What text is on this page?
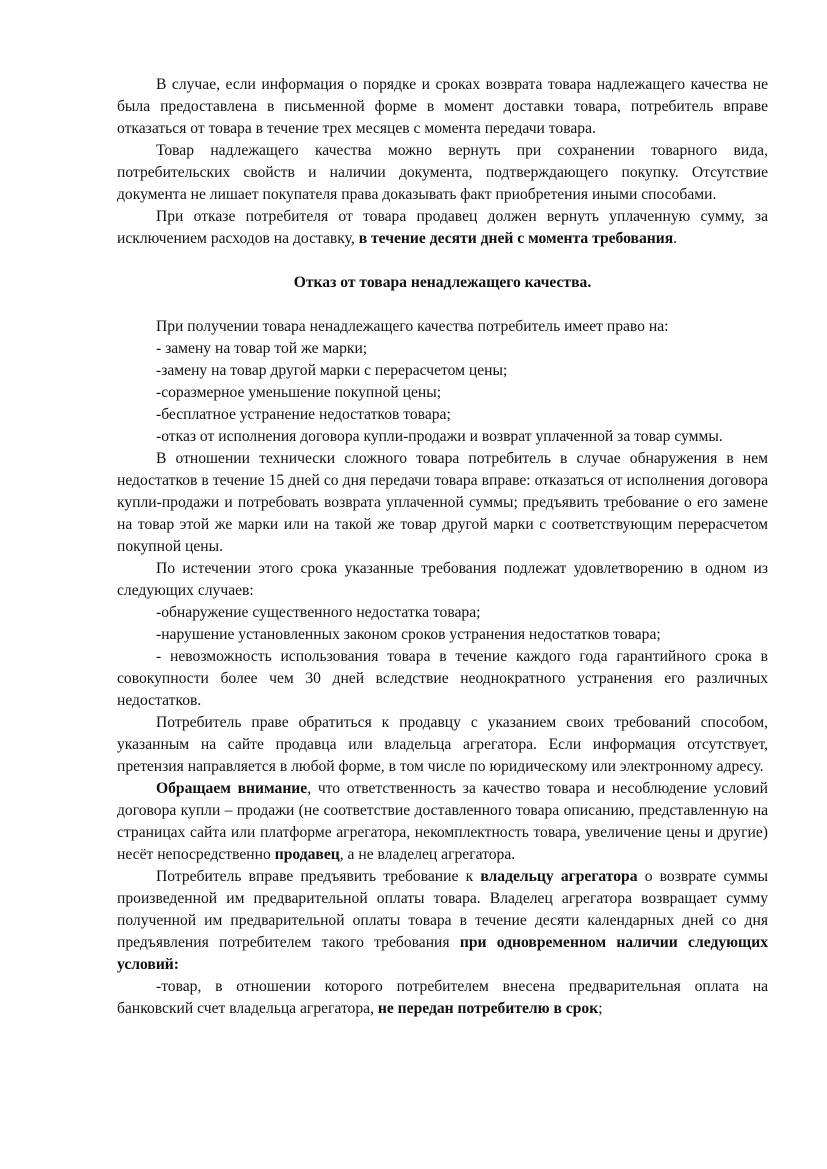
В случае, если информация о порядке и сроках возврата товара надлежащего качества не была предоставлена в письменной форме в момент доставки товара, потребитель вправе отказаться от товара в течение трех месяцев с момента передачи товара.

Товар надлежащего качества можно вернуть при сохранении товарного вида, потребительских свойств и наличии документа, подтверждающего покупку. Отсутствие документа не лишает покупателя права доказывать факт приобретения иными способами.

При отказе потребителя от товара продавец должен вернуть уплаченную сумму, за исключением расходов на доставку, в течение десяти дней с момента требования.

Отказ от товара ненадлежащего качества.

При получении товара ненадлежащего качества потребитель имеет право на:

- замену на товар той же марки;

-замену на товар другой марки с перерасчетом цены;

-соразмерное уменьшение покупной цены;

-бесплатное устранение недостатков товара;

-отказ от исполнения договора купли-продажи и возврат уплаченной за товар суммы.

В отношении технически сложного товара потребитель в случае обнаружения в нем недостатков в течение 15 дней со дня передачи товара вправе: отказаться от исполнения договора купли-продажи и потребовать возврата уплаченной суммы; предъявить требование о его замене на товар этой же марки или на такой же товар другой марки с соответствующим перерасчетом покупной цены.

По истечении этого срока указанные требования подлежат удовлетворению в одном из следующих случаев:

-обнаружение существенного недостатка товара;

-нарушение установленных законом сроков устранения недостатков товара;

- невозможность использования товара в течение каждого года гарантийного срока в совокупности более чем 30 дней вследствие неоднократного устранения его различных недостатков.

Потребитель праве обратиться к продавцу с указанием своих требований способом, указанным на сайте продавца или владельца агрегатора. Если информация отсутствует, претензия направляется в любой форме, в том числе по юридическому или электронному адресу.

Обращаем внимание, что ответственность за качество товара и несоблюдение условий договора купли – продажи (не соответствие доставленного товара описанию, представленную на страницах сайта или платформе агрегатора, некомплектность товара, увеличение цены и другие) несёт непосредственно продавец, а не владелец агрегатора.

Потребитель вправе предъявить требование к владельцу агрегатора о возврате суммы произведенной им предварительной оплаты товара. Владелец агрегатора возвращает сумму полученной им предварительной оплаты товара в течение десяти календарных дней со дня предъявления потребителем такого требования при одновременном наличии следующих условий:

-товар, в отношении которого потребителем внесена предварительная оплата на банковский счет владельца агрегатора, не передан потребителю в срок;
